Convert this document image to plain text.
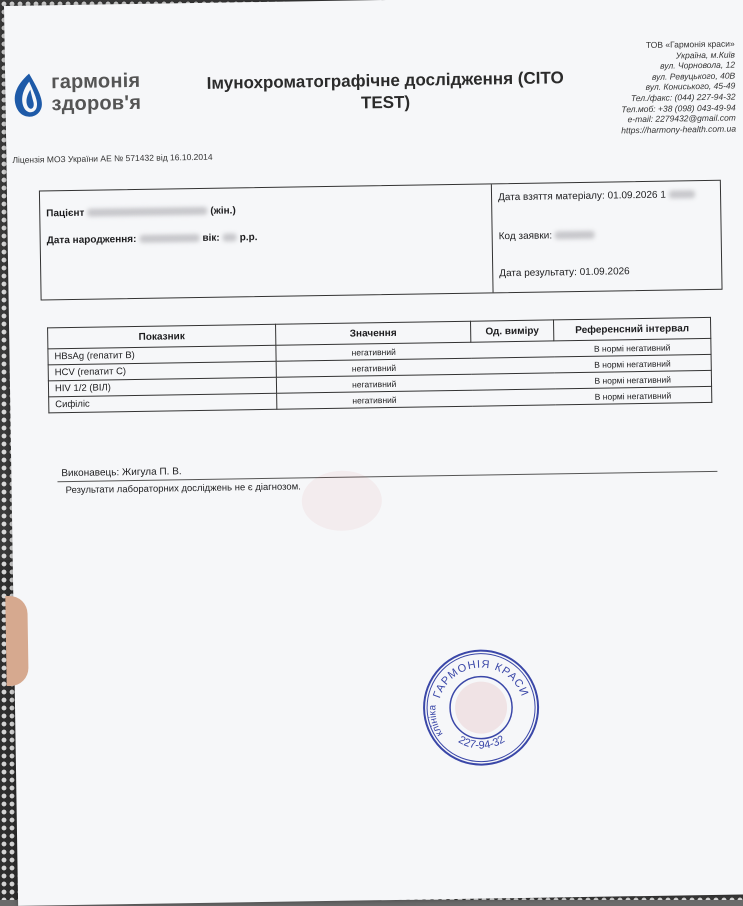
гармонія
здоров'я
Імунохроматографічне дослідження (CITO
TEST)
Ліцензія МОЗ України АЕ № 571432 від 16.10.2014
ТОВ «Гармонія краси»
Україна, м.Київ
вул. Чорновола, 12
вул. Ревуцького, 40В
вул. Кониського, 45-49
Тел./факс: (044) 227-94-32
Тел.моб: +38 (098) 043-49-94
e-mail: 2279432@gmail.com
https://harmony-health.com.ua
Пацієнт	(жін.)
Дата народження:	вік: р.р.
Дата взяття матеріалу: 01.09.2026 1
Код заявки:
Дата результату: 01.09.2026
Показник	Значення	Од. виміру	Референсний інтервал
HBsAg (гепатит B)	негативний		В нормі негативний
HCV (гепатит C)	негативний		В нормі негативний
HIV 1/2 (ВІЛ)	негативний		В нормі негативний
Сифіліс	негативний		В нормі негативний
Виконавець: Жигула П. В.
Результати лабораторних досліджень не є діагнозом.
ГАРМОНІЯ КРАСИ
клініка
227-94-32
